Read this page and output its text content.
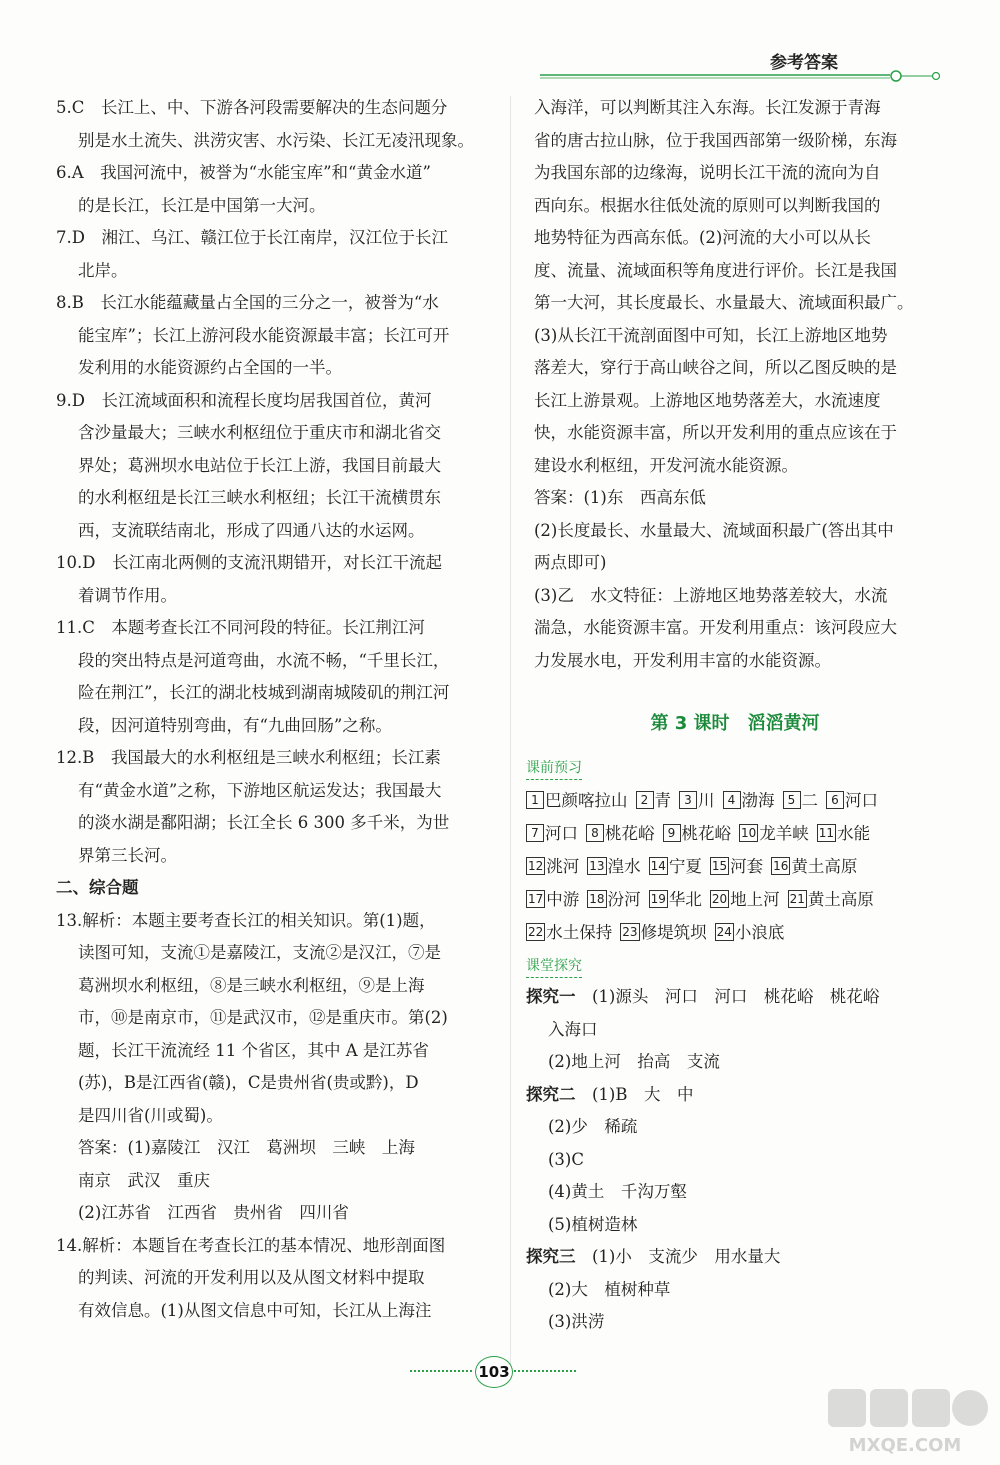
参考答案
5.C　长江上、中、下游各河段需要解决的生态问题分
别是水土流失、洪涝灾害、水污染、长江无凌汛现象。
6.A　我国河流中，被誉为“水能宝库”和“黄金水道”
的是长江，长江是中国第一大河。
7.D　湘江、乌江、赣江位于长江南岸，汉江位于长江
北岸。
8.B　长江水能蕴藏量占全国的三分之一，被誉为“水
能宝库”；长江上游河段水能资源最丰富；长江可开
发利用的水能资源约占全国的一半。
9.D　长江流域面积和流程长度均居我国首位，黄河
含沙量最大；三峡水利枢纽位于重庆市和湖北省交
界处；葛洲坝水电站位于长江上游，我国目前最大
的水利枢纽是长江三峡水利枢纽；长江干流横贯东
西，支流联结南北，形成了四通八达的水运网。
10.D　长江南北两侧的支流汛期错开，对长江干流起
着调节作用。
11.C　本题考查长江不同河段的特征。长江荆江河
段的突出特点是河道弯曲，水流不畅，“千里长江，
险在荆江”，长江的湖北枝城到湖南城陵矶的荆江河
段，因河道特别弯曲，有“九曲回肠”之称。
12.B　我国最大的水利枢纽是三峡水利枢纽；长江素
有“黄金水道”之称，下游地区航运发达；我国最大
的淡水湖是鄱阳湖；长江全长 6 300 多千米，为世
界第三长河。
二、综合题
13.解析：本题主要考查长江的相关知识。第(1)题，
读图可知，支流①是嘉陵江，支流②是汉江，⑦是
葛洲坝水利枢纽，⑧是三峡水利枢纽，⑨是上海
市，⑩是南京市，⑪是武汉市，⑫是重庆市。第(2)
题，长江干流流经 11 个省区，其中 A 是江苏省
(苏)，B是江西省(赣)，C是贵州省(贵或黔)，D
是四川省(川或蜀)。
答案：(1)嘉陵江　汉江　葛洲坝　三峡　上海
南京　武汉　重庆
(2)江苏省　江西省　贵州省　四川省
14.解析：本题旨在考查长江的基本情况、地形剖面图
的判读、河流的开发利用以及从图文材料中提取
有效信息。(1)从图文信息中可知，长江从上海注
入海洋，可以判断其注入东海。长江发源于青海
省的唐古拉山脉，位于我国西部第一级阶梯，东海
为我国东部的边缘海，说明长江干流的流向为自
西向东。根据水往低处流的原则可以判断我国的
地势特征为西高东低。(2)河流的大小可以从长
度、流量、流域面积等角度进行评价。长江是我国
第一大河，其长度最长、水量最大、流域面积最广。
(3)从长江干流剖面图中可知，长江上游地区地势
落差大，穿行于高山峡谷之间，所以乙图反映的是
长江上游景观。上游地区地势落差大，水流速度
快，水能资源丰富，所以开发利用的重点应该在于
建设水利枢纽，开发河流水能资源。
答案：(1)东　西高东低
(2)长度最长、水量最大、流域面积最广(答出其中
两点即可)
(3)乙　水文特征：上游地区地势落差较大，水流
湍急，水能资源丰富。开发利用重点：该河段应大
力发展水电，开发利用丰富的水能资源。
第 3 课时　滔滔黄河
课前预习
1 巴颜喀拉山 2 青 3 川 4 渤海 5 二 6 河口
7 河口 8 桃花峪 9 桃花峪 10 龙羊峡 11 水能
12 洮河 13 湟水 14 宁夏 15 河套 16 黄土高原
17 中游 18 汾河 19 华北 20 地上河 21 黄土高原
22 水土保持 23 修堤筑坝 24 小浪底
课堂探究
探究一　(1)源头　河口　河口　桃花峪　桃花峪
入海口
(2)地上河　抬高　支流
探究二　(1)B　大　中
(2)少　稀疏
(3)C
(4)黄土　千沟万壑
(5)植树造林
探究三　(1)小　支流少　用水量大
(2)大　植树种草
(3)洪涝
103
MXQE.COM
